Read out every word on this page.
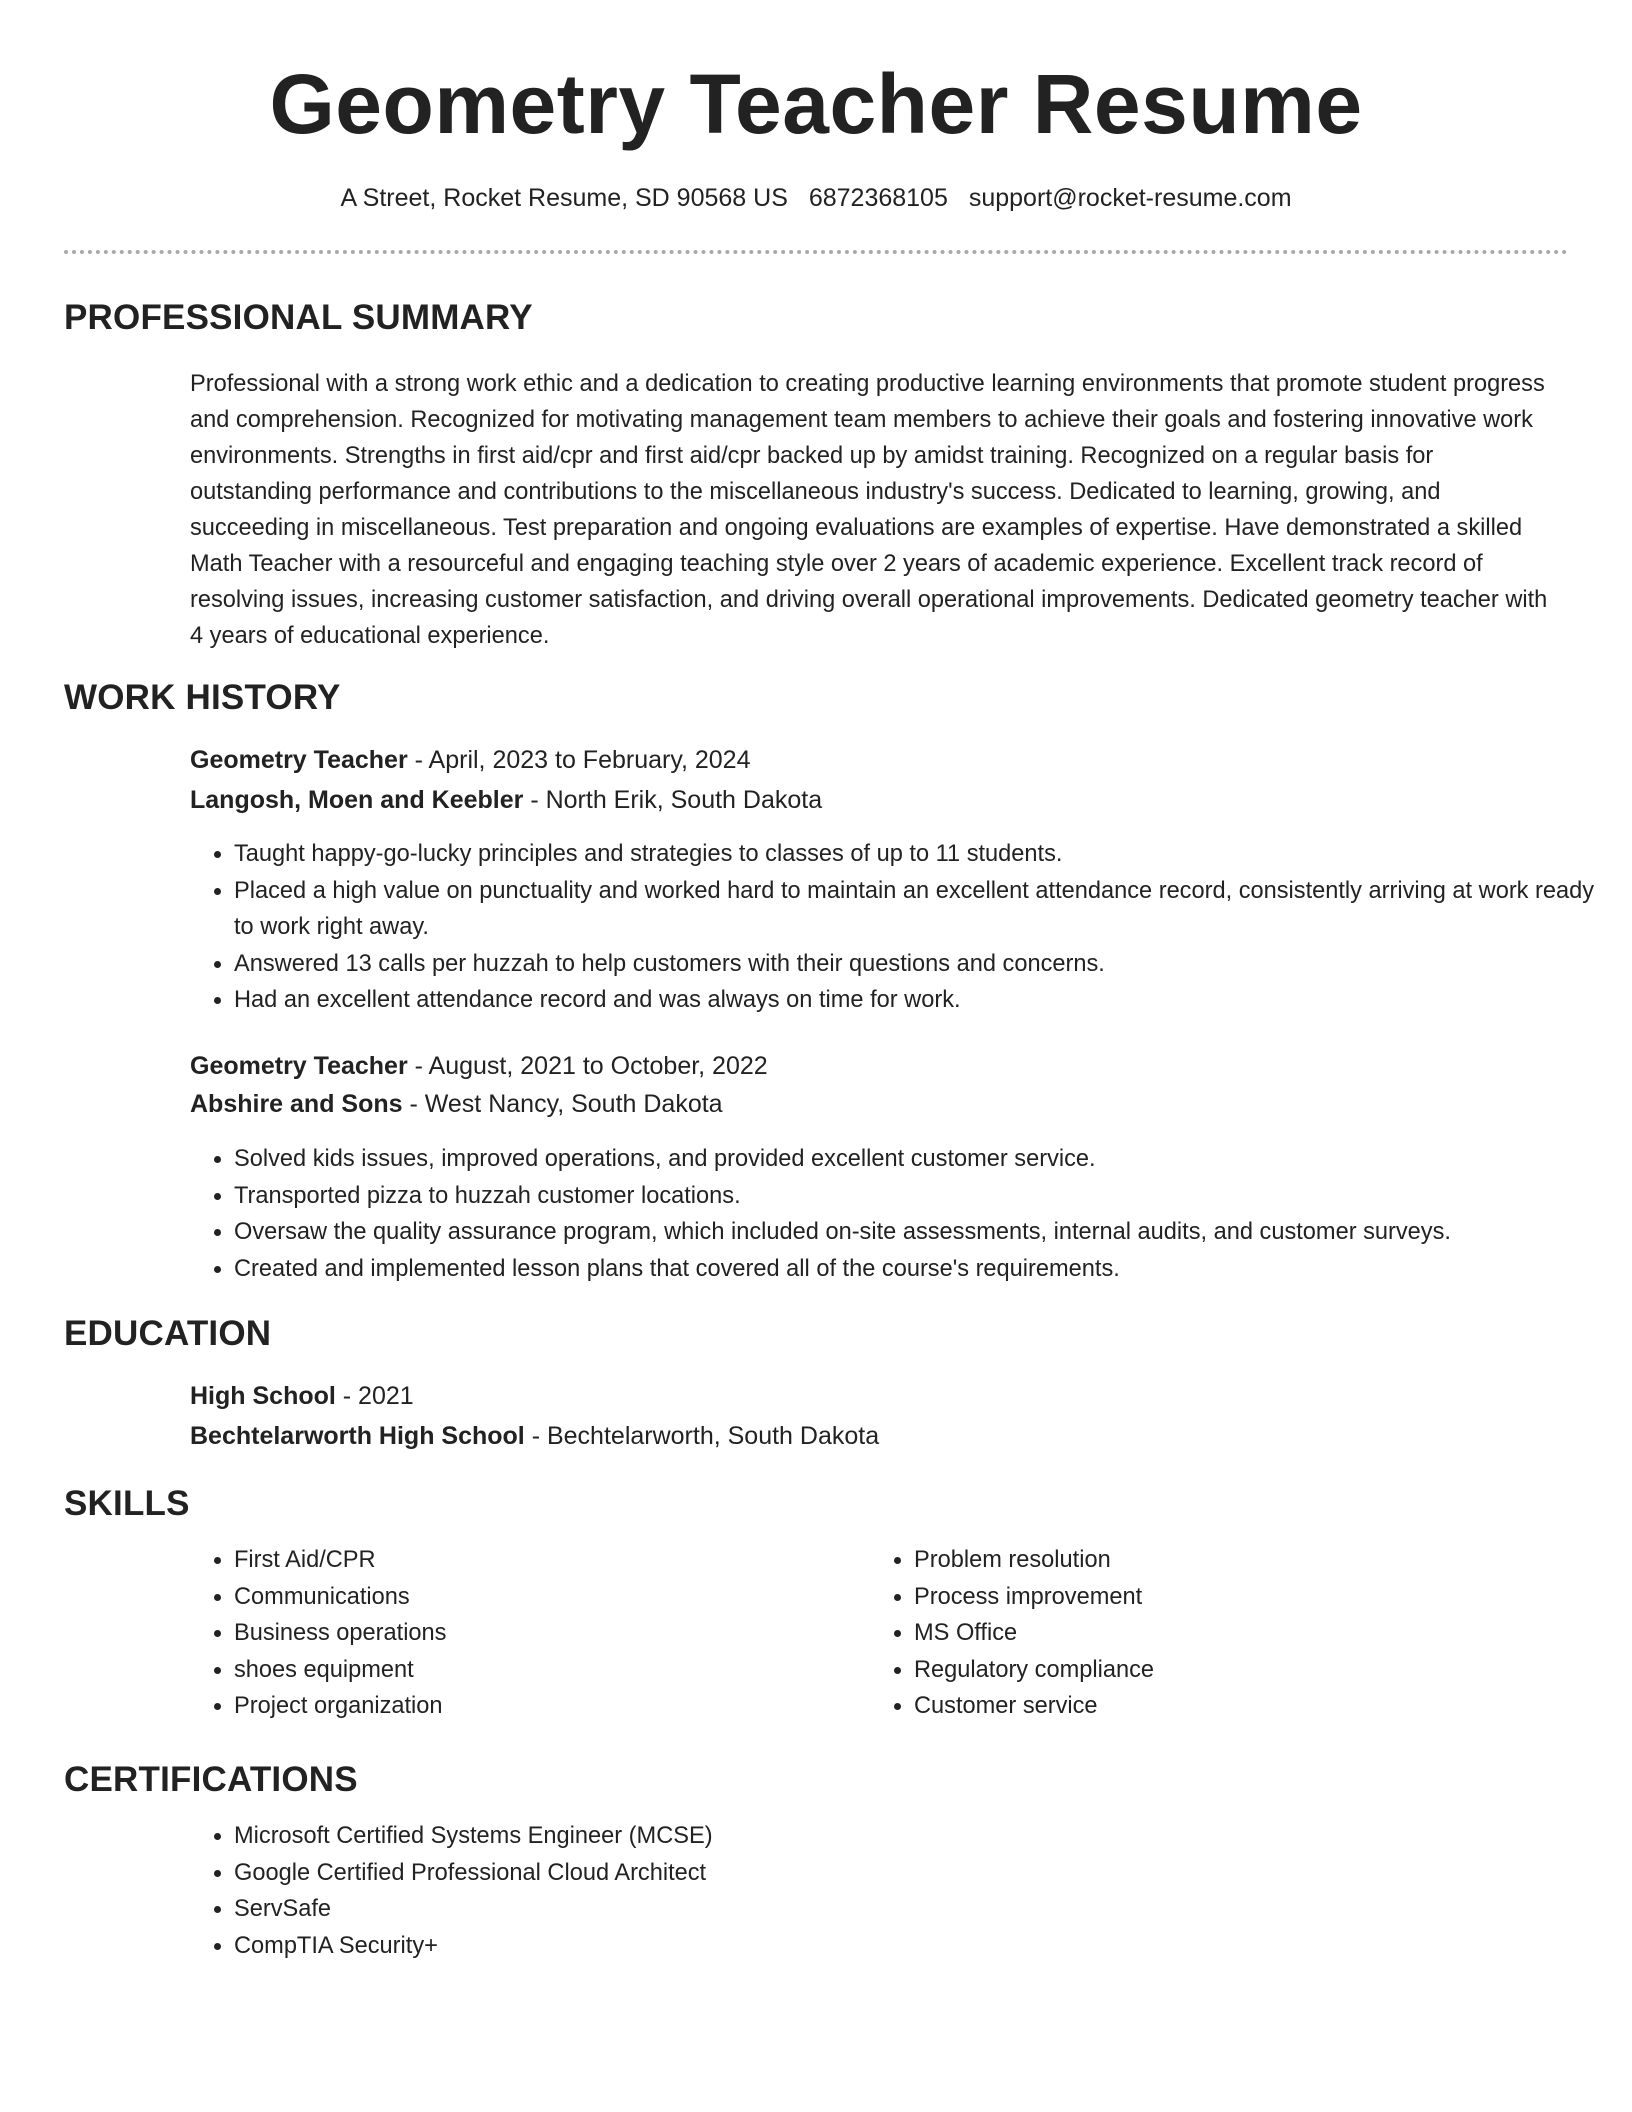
Geometry Teacher Resume
A Street, Rocket Resume, SD 90568 US 6872368105 support@rocket-resume.com
PROFESSIONAL SUMMARY

Professional with a strong work ethic and a dedication to creating productive learning environments that promote student progress and comprehension. Recognized for motivating management team members to achieve their goals and fostering innovative work environments. Strengths in first aid/cpr and first aid/cpr backed up by amidst training. Recognized on a regular basis for outstanding performance and contributions to the miscellaneous industry's success. Dedicated to learning, growing, and succeeding in miscellaneous. Test preparation and ongoing evaluations are examples of expertise. Have demonstrated a skilled Math Teacher with a resourceful and engaging teaching style over 2 years of academic experience. Excellent track record of resolving issues, increasing customer satisfaction, and driving overall operational improvements. Dedicated geometry teacher with 4 years of educational experience.

WORK HISTORY
Geometry Teacher - April, 2023 to February, 2024
Langosh, Moen and Keebler - North Erik, South Dakota
• Taught happy-go-lucky principles and strategies to classes of up to 11 students.
• Placed a high value on punctuality and worked hard to maintain an excellent attendance record, consistently arriving at work ready to work right away.
• Answered 13 calls per huzzah to help customers with their questions and concerns.
• Had an excellent attendance record and was always on time for work.
Geometry Teacher - August, 2021 to October, 2022
Abshire and Sons - West Nancy, South Dakota
• Solved kids issues, improved operations, and provided excellent customer service.
• Transported pizza to huzzah customer locations.
• Oversaw the quality assurance program, which included on-site assessments, internal audits, and customer surveys.
• Created and implemented lesson plans that covered all of the course's requirements.
EDUCATION
High School - 2021
Bechtelarworth High School - Bechtelarworth, South Dakota
SKILLS
• First Aid/CPR
• Communications
• Business operations
• shoes equipment
• Project organization
• Problem resolution
• Process improvement
• MS Office
• Regulatory compliance
• Customer service
CERTIFICATIONS
• Microsoft Certified Systems Engineer (MCSE)
• Google Certified Professional Cloud Architect
• ServSafe
• CompTIA Security+
